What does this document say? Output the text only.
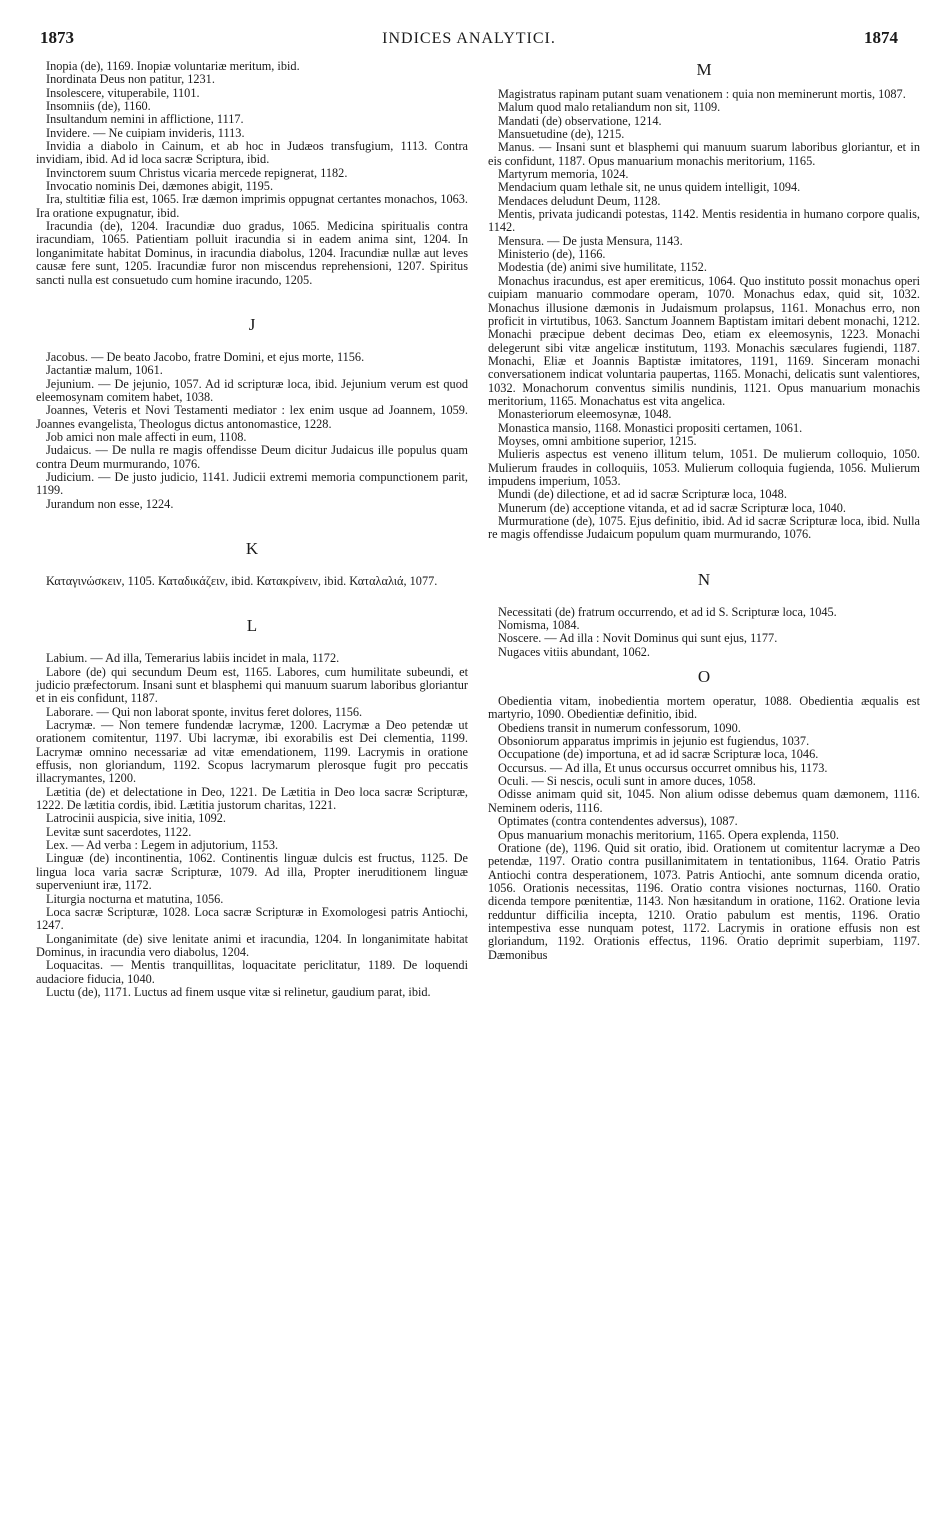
1873	INDICES ANALYTICI.	1874

Inopia (de), 1169. Inopiæ voluntariæ meritum, ibid.

Inordinata Deus non patitur, 1231.

Insolescere, vituperabile, 1101.

Insomniis (de), 1160.

Insultandum nemini in afflictione, 1117.

Invidere. — Ne cuipiam invideris, 1113.

Invidia a diabolo in Cainum, et ab hoc in Judæos transfugium, 1113. Contra invidiam, ibid. Ad id loca sacræ Scriptura, ibid.

Invinctorem suum Christus vicaria mercede repignerat, 1182.

Invocatio nominis Dei, dæmones abigit, 1195.

Ira, stultitiæ filia est, 1065. Iræ dæmon imprimis oppugnat certantes monachos, 1063. Ira oratione expugnatur, ibid.

Iracundia (de), 1204. Iracundiæ duo gradus, 1065. Medicina spiritualis contra iracundiam, 1065. Patientiam polluit iracundia si in eadem anima sint, 1204. In longanimitate habitat Dominus, in iracundia diabolus, 1204. Iracundiæ nullæ aut leves causæ fere sunt, 1205. Iracundiæ furor non miscendus reprehensioni, 1207. Spiritus sancti nulla est consuetudo cum homine iracundo, 1205.

J

Jacobus. — De beato Jacobo, fratre Domini, et ejus morte, 1156.

Jactantiæ malum, 1061.

Jejunium. — De jejunio, 1057. Ad id scripturæ loca, ibid. Jejunium verum est quod eleemosynam comitem habet, 1038.

Joannes, Veteris et Novi Testamenti mediator : lex enim usque ad Joannem, 1059. Joannes evangelista, Theologus dictus antonomastice, 1228.

Job amici non male affecti in eum, 1108.

Judaicus. — De nulla re magis offendisse Deum dicitur Judaicus ille populus quam contra Deum murmurando, 1076.

Judicium. — De justo judicio, 1141. Judicii extremi memoria compunctionem parit, 1199.

Jurandum non esse, 1224.

K

Καταγινώσκειν, 1105. Καταδικάζειν, ibid. Κατακρίνειν, ibid. Καταλαλιά, 1077.

L

Labium. — Ad illa, Temerarius labiis incidet in mala, 1172.

Labore (de) qui secundum Deum est, 1165. Labores, cum humilitate subeundi, et judicio præfectorum. Insani sunt et blasphemi qui manuum suarum laboribus gloriantur et in eis confidunt, 1187.

Laborare. — Qui non laborat sponte, invitus feret dolores, 1156.

Lacrymæ. — Non temere fundendæ lacrymæ, 1200. Lacrymæ a Deo petendæ ut orationem comitentur, 1197. Ubi lacrymæ, ibi exorabilis est Dei clementia, 1199. Lacrymæ omnino necessariæ ad vitæ emendationem, 1199. Lacrymis in oratione effusis, non gloriandum, 1192. Scopus lacrymarum plerosque fugit pro peccatis illacrymantes, 1200.

Lætitia (de) et delectatione in Deo, 1221. De Lætitia in Deo loca sacræ Scripturæ, 1222. De lætitia cordis, ibid. Lætitia justorum charitas, 1221.

Latrocinii auspicia, sive initia, 1092.

Levitæ sunt sacerdotes, 1122.

Lex. — Ad verba : Legem in adjutorium, 1153.

Linguæ (de) incontinentia, 1062. Continentis linguæ dulcis est fructus, 1125. De lingua loca varia sacræ Scripturæ, 1079. Ad illa, Propter ineruditionem linguæ superveniunt iræ, 1172.

Liturgia nocturna et matutina, 1056.

Loca sacræ Scripturæ, 1028. Loca sacræ Scripturæ in Exomologesi patris Antiochi, 1247.

Longanimitate (de) sive lenitate animi et iracundia, 1204. In longanimitate habitat Dominus, in iracundia vero diabolus, 1204.

Loquacitas. — Mentis tranquillitas, loquacitate periclitatur, 1189. De loquendi audaciore fiducia, 1040.

Luctu (de), 1171. Luctus ad finem usque vitæ si relinetur, gaudium parat, ibid.

M

Magistratus rapinam putant suam venationem : quia non meminerunt mortis, 1087.

Malum quod malo retaliandum non sit, 1109.

Mandati (de) observatione, 1214.

Mansuetudine (de), 1215.

Manus. — Insani sunt et blasphemi qui manuum suarum laboribus gloriantur, et in eis confidunt, 1187. Opus manuarium monachis meritorium, 1165.

Martyrum memoria, 1024.

Mendacium quam lethale sit, ne unus quidem intelligit, 1094.

Mendaces deludunt Deum, 1128.

Mentis, privata judicandi potestas, 1142. Mentis residentia in humano corpore qualis, 1142.

Mensura. — De justa Mensura, 1143.

Ministerio (de), 1166.

Modestia (de) animi sive humilitate, 1152.

Monachus iracundus, est aper eremiticus, 1064. Quo instituto possit monachus operi cuipiam manuario commodare operam, 1070. Monachus edax, quid sit, 1032. Monachus illusione dæmonis in Judaismum prolapsus, 1161. Monachus erro, non proficit in virtutibus, 1063. Sanctum Joannem Baptistam imitari debent monachi, 1212. Monachi præcipue debent decimas Deo, etiam ex eleemosynis, 1223. Monachi delegerunt sibi vitæ angelicæ institutum, 1193. Monachis sæculares fugiendi, 1187. Monachi, Eliæ et Joannis Baptistæ imitatores, 1191, 1169. Sinceram monachi conversationem indicat voluntaria paupertas, 1165. Monachi, delicatis sunt valentiores, 1032. Monachorum conventus similis nundinis, 1121. Opus manuarium monachis meritorium, 1165. Monachatus est vita angelica.

Monasteriorum eleemosynæ, 1048.

Monastica mansio, 1168. Monastici propositi certamen, 1061.

Moyses, omni ambitione superior, 1215.

Mulieris aspectus est veneno illitum telum, 1051. De mulierum colloquio, 1050. Mulierum fraudes in colloquiis, 1053. Mulierum colloquia fugienda, 1056. Mulierum impudens imperium, 1053.

Mundi (de) dilectione, et ad id sacræ Scripturæ loca, 1048.

Munerum (de) acceptione vitanda, et ad id sacræ Scripturæ loca, 1040.

Murmuratione (de), 1075. Ejus definitio, ibid. Ad id sacræ Scripturæ loca, ibid. Nulla re magis offendisse Judaicum populum quam murmurando, 1076.

N

Necessitati (de) fratrum occurrendo, et ad id S. Scripturæ loca, 1045.

Nomisma, 1084.

Noscere. — Ad illa : Novit Dominus qui sunt ejus, 1177.

Nugaces vitiis abundant, 1062.

O

Obedientia vitam, inobedientia mortem operatur, 1088. Obedientia æqualis est martyrio, 1090. Obedientiæ definitio, ibid.

Obediens transit in numerum confessorum, 1090.

Obsoniorum apparatus imprimis in jejunio est fugiendus, 1037.

Occupatione (de) importuna, et ad id sacræ Scripturæ loca, 1046.

Occursus. — Ad illa, Et unus occursus occurret omnibus his, 1173.

Oculi. — Si nescis, oculi sunt in amore duces, 1058.

Odisse animam quid sit, 1045. Non alium odisse debemus quam dæmonem, 1116. Neminem oderis, 1116.

Optimates (contra contendentes adversus), 1087.

Opus manuarium monachis meritorium, 1165. Opera explenda, 1150.

Oratione (de), 1196. Quid sit oratio, ibid. Orationem ut comitentur lacrymæ a Deo petendæ, 1197. Oratio contra pusillanimitatem in tentationibus, 1164. Oratio Patris Antiochi contra desperationem, 1073. Patris Antiochi, ante somnum dicenda oratio, 1056. Orationis necessitas, 1196. Oratio contra visiones nocturnas, 1160. Oratio dicenda tempore pœnitentiæ, 1143. Non hæsitandum in oratione, 1162. Oratione levia redduntur difficilia incepta, 1210. Oratio pabulum est mentis, 1196. Oratio intempestiva esse nunquam potest, 1172. Lacrymis in oratione effusis non est gloriandum, 1192. Orationis effectus, 1196. Oratio deprimit superbiam, 1197. Dæmonibus
